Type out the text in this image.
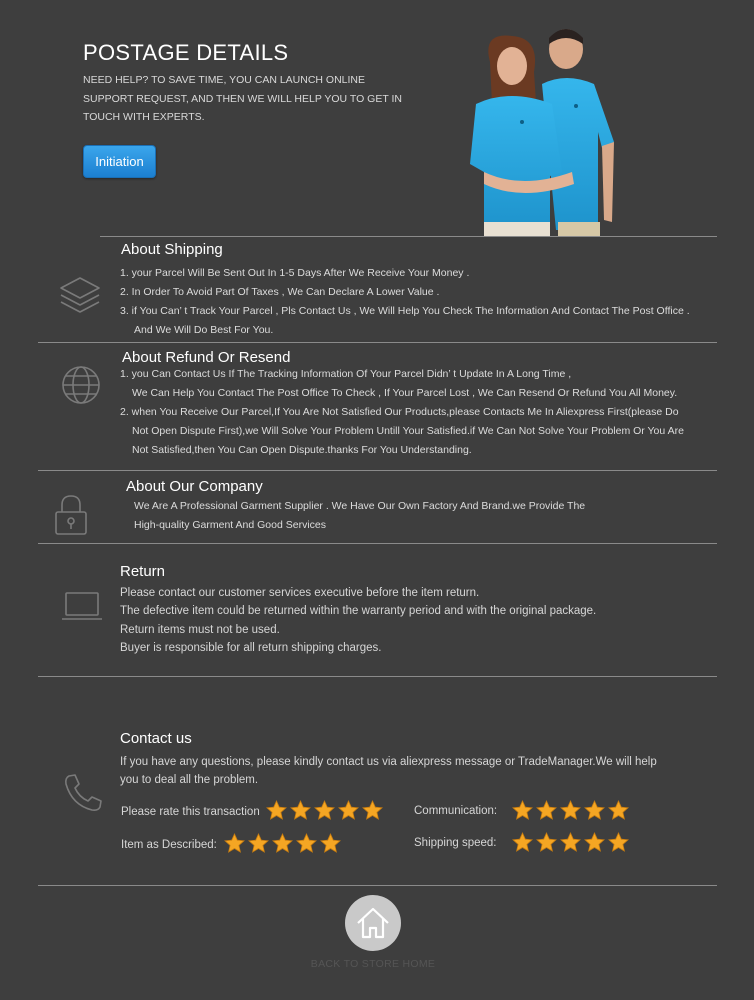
POSTAGE DETAILS
NEED HELP? TO SAVE TIME, YOU CAN LAUNCH ONLINE SUPPORT REQUEST, AND THEN WE WILL HELP YOU TO GET IN TOUCH WITH EXPERTS.
Initiation
About Shipping
1. your Parcel Will Be Sent Out In 1-5 Days After We Receive Your Money .
2. In Order To Avoid Part Of Taxes , We Can Declare A Lower Value .
3. if You Can’ t Track Your Parcel , Pls Contact Us , We Will Help You Check The Information And Contact The Post Office .
And We Will Do Best For You.
About Refund Or Resend
1. you Can Contact Us If The Tracking Information Of Your Parcel Didn’ t Update In A Long Time ,
We Can Help You Contact The Post Office To Check , If Your Parcel Lost , We Can Resend Or Refund You All Money.
2. when You Receive Our Parcel,If You Are Not Satisfied Our Products,please Contacts Me In Aliexpress First(please Do
Not Open Dispute First),we Will Solve Your Problem Untill Your Satisfied.if We Can Not Solve Your Problem Or You Are
Not Satisfied,then You Can Open Dispute.thanks For You Understanding.
About Our Company
We Are A Professional Garment Supplier . We Have Our Own Factory And Brand.we Provide The
High-quality Garment And Good Services
Return
Please contact our customer services executive before the item return.
The defective item could be returned within the warranty period and with the original package.
Return items must not be used.
Buyer is responsible for all return shipping charges.
Contact us
If you have any questions, please kindly contact us via aliexpress message or TradeManager.We will help
you to deal all the problem.
Please rate this transaction	Communication:
Item as Described:	Shipping speed:
BACK TO STORE HOME
